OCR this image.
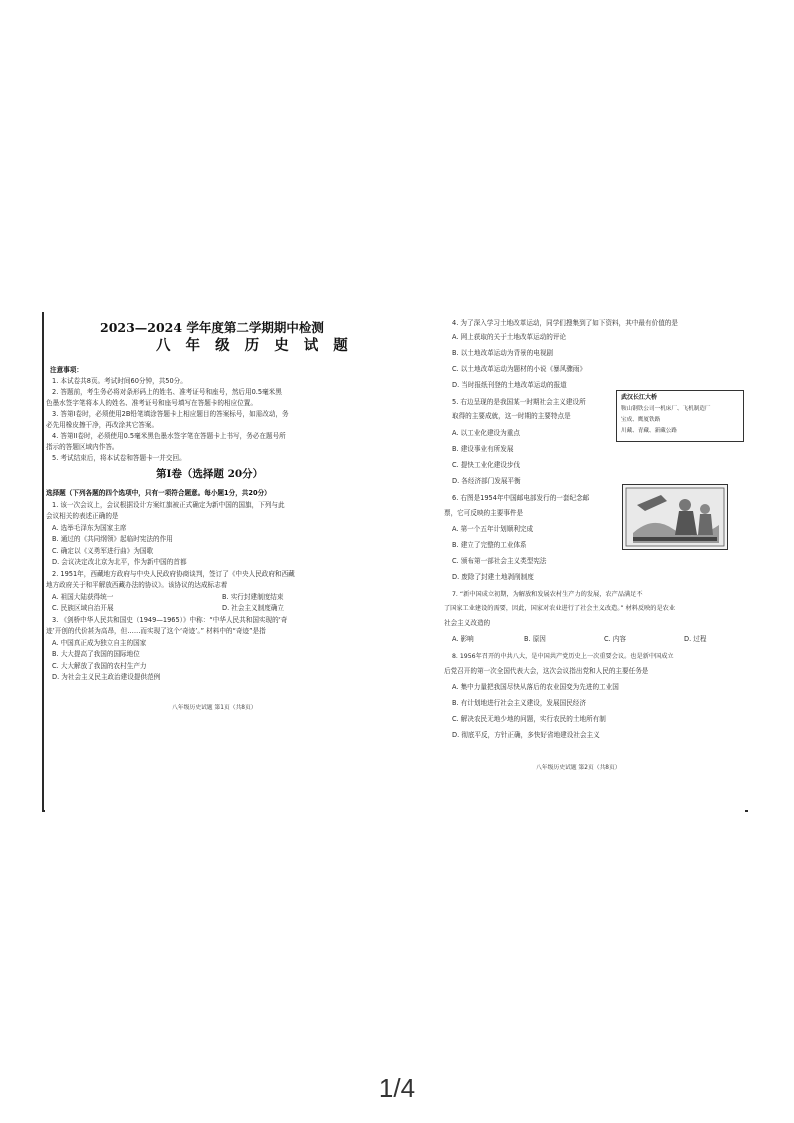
2023—2024 学年度第二学期期中检测
八 年 级 历 史 试 题
注意事项：
1. 本试卷共8页。考试时间60分钟，共50分。
2. 答题前，考生务必将对条形码上的姓名、准考证号和座号，然后用0.5毫米黑
色墨水签字笔将本人的姓名、准考证号和座号填写在答题卡的相应位置。
3. 答第I卷时，必须使用2B铅笔填涂答题卡上相应题目的答案标号，如需改动，务
必先用橡皮擦干净，再改涂其它答案。
4. 答第II卷时，必须使用0.5毫米黑色墨水签字笔在答题卡上书写，务必在题号所
指示的答题区域内作答。
5. 考试结束后，将本试卷和答题卡一并交回。
第Ⅰ卷（选择题 20分）
选择题（下列各题的四个选项中，只有一项符合题意。每小题1分，共20分）
1. 该一次会议上，会议根据设计方案红旗被正式确定为新中国的国旗，下列与此
会议相关的表述正确的是
A. 选举毛泽东为国家主席
B. 通过的《共同纲领》起临时宪法的作用
C. 确定以《义勇军进行曲》为国歌
D. 会议决定改北京为北平，作为新中国的首都
2. 1951年，西藏地方政府与中央人民政府协商谈判，签订了《中央人民政府和西藏
地方政府关于和平解放西藏办法的协议》。该协议的达成标志着
A. 祖国大陆获得统一	B. 实行封建制度结束
C. 民族区域自治开展	D. 社会主义制度确立
3. 《剑桥中华人民共和国史（1949—1965）》中称：“中华人民共和国实现的‘奇
迹’开创的代价甚为高昂，但……而实现了这个‘奇迹’。” 材料中的“奇迹”是指
A. 中国真正成为独立自主的国家
B. 大大提高了我国的国际地位
C. 大大解放了我国的农村生产力
D. 为社会主义民主政治建设提供范例
八年级历史试题 第1页（共8页）
4. 为了深入学习土地改革运动，同学们搜集到了如下资料，其中最有价值的是
A. 网上获取的关于土地改革运动的评论
B. 以土地改革运动为背景的电视剧
C. 以土地改革运动为题材的小说《暴风骤雨》
D. 当时报纸刊登的土地改革运动的报道
武汉长江大桥
鞍山钢铁公司一机床厂、飞机制造厂
宝成、鹰厦铁路
川藏、青藏、新藏公路
5. 右边呈现的是我国某一时期社会主义建设所
取得的主要成就，这一时期的主要特点是
A. 以工业化建设为重点
B. 建设事业有所发展
C. 提快工业化建设步伐
D. 各经济部门发展平衡
6. 右图是1954年中国邮电部发行的一套纪念邮
票，它可反映的主要事件是
A. 第一个五年计划顺利完成
B. 建立了完整的工业体系
C. 颁布第一部社会主义类型宪法
D. 废除了封建土地剥削制度
7. “新中国成立初期，为解放和发展农村生产力的发展，农产品满足不
了国家工业建设的需要，因此，国家对农业进行了社会主义改造。” 材料反映的是农业
社会主义改造的
A. 影响	B. 原因	C. 内容	D. 过程
8. 1956年召开的中共八大，是中国共产党历史上一次重要会议。也是新中国成立
后党召开的第一次全国代表大会，这次会议指出党和人民的主要任务是
A. 集中力量把我国尽快从落后的农业国变为先进的工业国
B. 有计划地进行社会主义建设，发展国民经济
C. 解决农民无地少地的问题，实行农民的土地所有制
D. 彻底平反，方针正确，多快好省地建设社会主义
八年级历史试题 第2页（共8页）
1/4
